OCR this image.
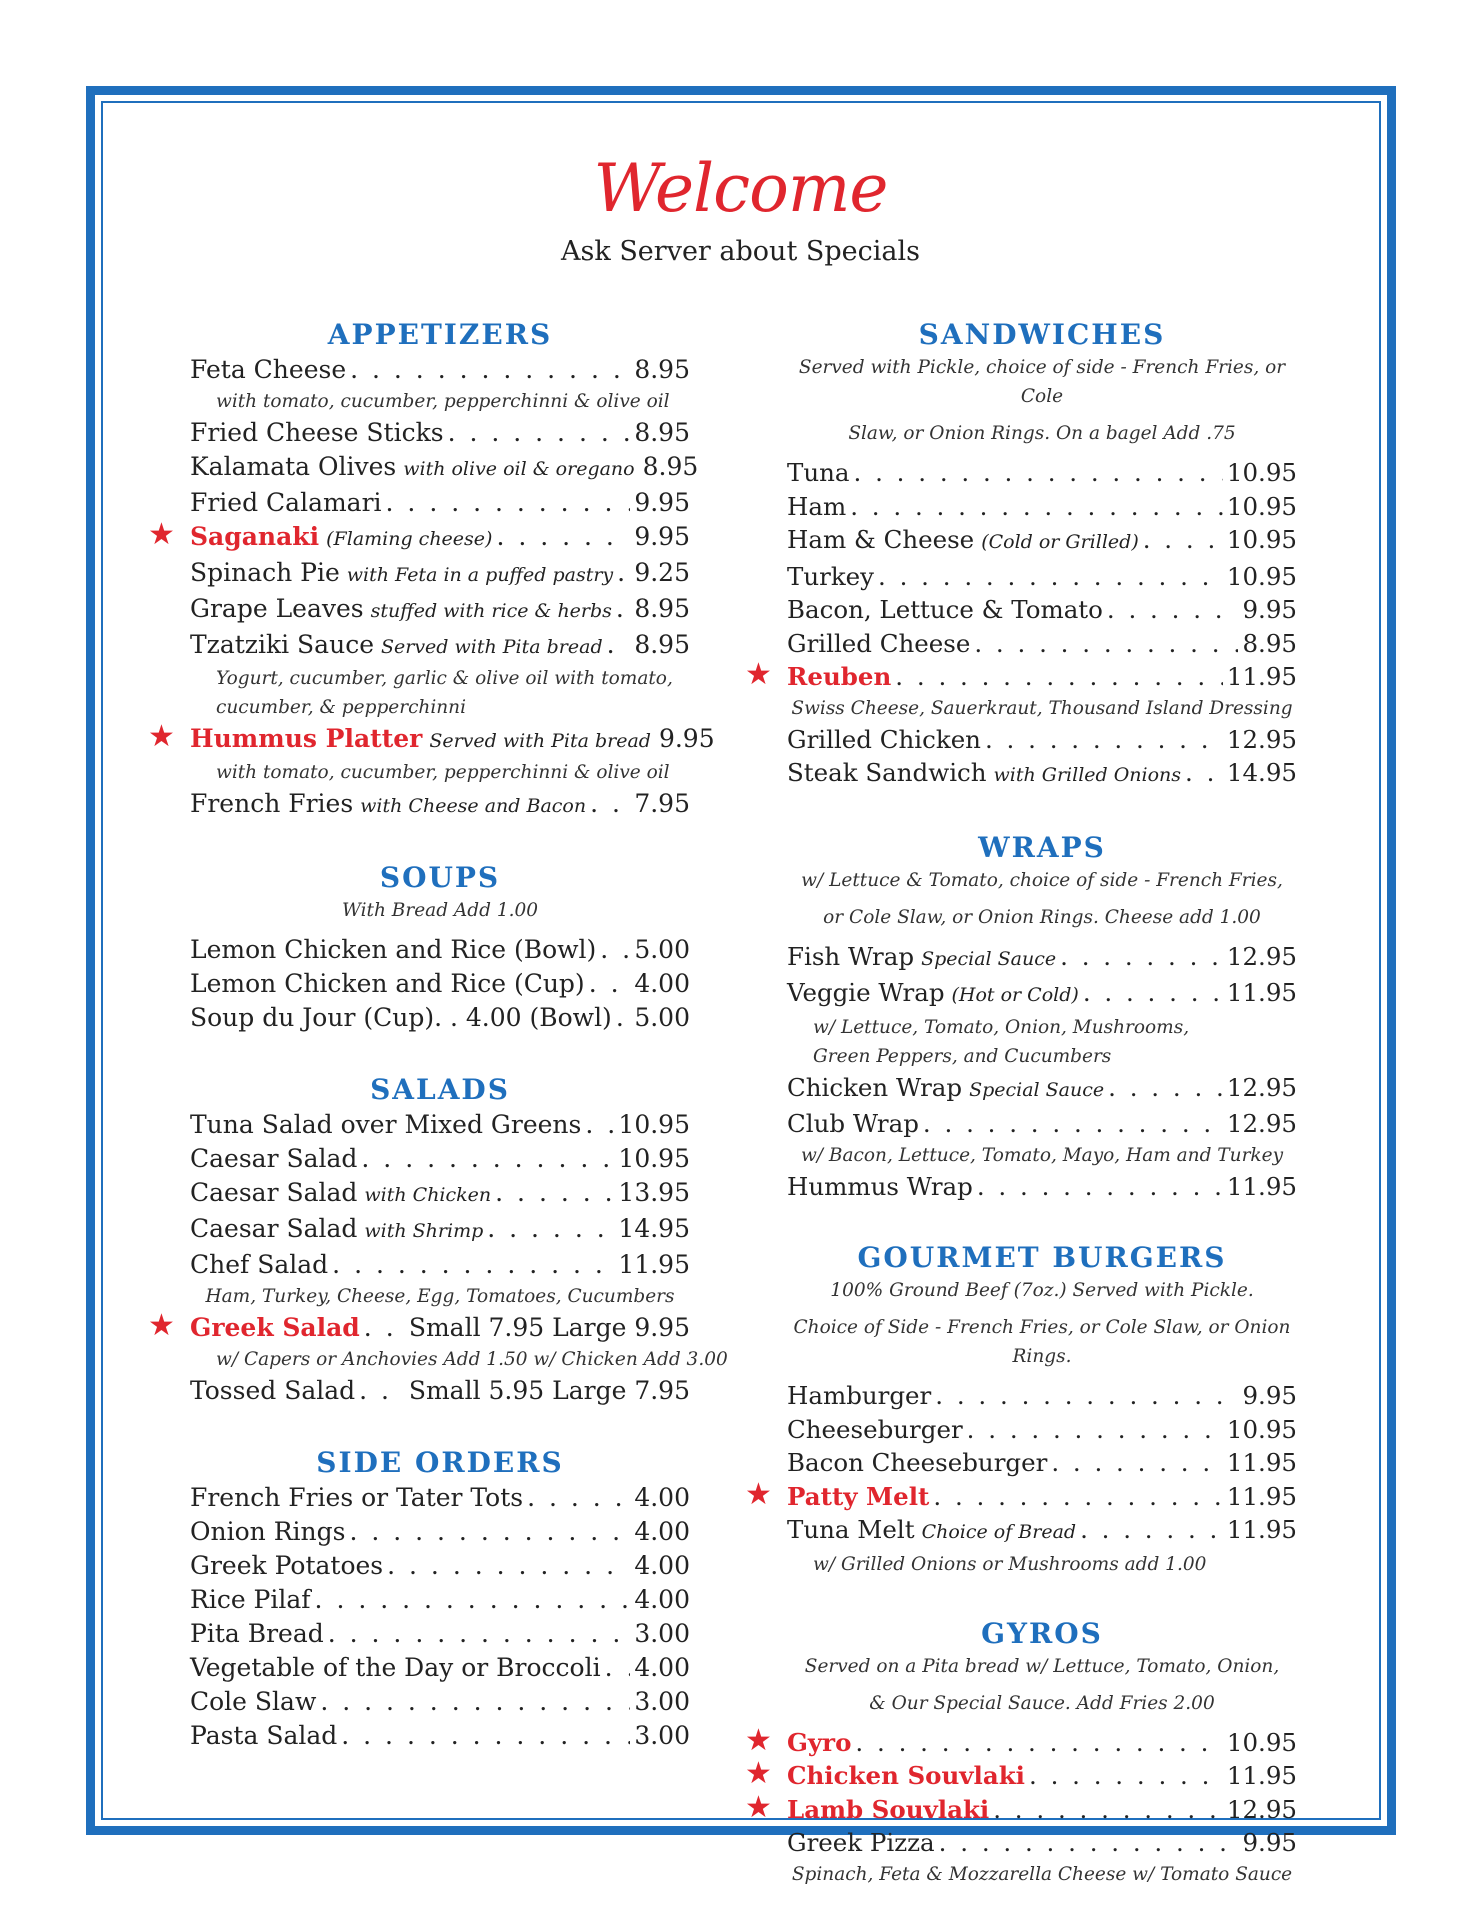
Welcome
Ask Server about Specials
APPETIZERS
Feta Cheese . . .	8.95
with tomato, cucumber, pepperchinni & olive oil
Fried Cheese Sticks . . .	8.95
Kalamata Olives with olive oil & oregano 8.95
Fried Calamari . . .	9.95
★ Saganaki (Flaming cheese) . . .	9.95
Spinach Pie with Feta in a puffed pastry . . . 9.25
Grape Leaves stuffed with rice & herbs . . . 8.95
Tzatziki Sauce Served with Pita bread . . . 8.95
Yogurt, cucumber, garlic & olive oil with tomato,
cucumber, & pepperchinni
★ Hummus Platter Served with Pita bread 9.95
with tomato, cucumber, pepperchinni & olive oil
French Fries with Cheese and Bacon . . . 7.95
SOUPS
With Bread Add 1.00
Lemon Chicken and Rice (Bowl) . . . 5.00
Lemon Chicken and Rice (Cup) . . . 4.00
Soup du Jour (Cup). . 4.00 (Bowl) . . . 5.00
SALADS
Tuna Salad over Mixed Greens . . . 10.95
Caesar Salad . . .	10.95
Caesar Salad with Chicken . . .	13.95
Caesar Salad with Shrimp . . .	14.95
Chef Salad . . .	11.95
Ham, Turkey, Cheese, Egg, Tomatoes, Cucumbers
★ Greek Salad . . . Small 7.95 Large 9.95
w/ Capers or Anchovies Add 1.50 w/ Chicken Add 3.00
Tossed Salad . . . Small 5.95 Large 7.95
SIDE ORDERS
French Fries or Tater Tots . . .	4.00
Onion Rings . . .	4.00
Greek Potatoes . . .	4.00
Rice Pilaf . . .	4.00
Pita Bread . . .	3.00
Vegetable of the Day or Broccoli . . . 4.00
Cole Slaw . . .	3.00
Pasta Salad . . .	3.00
SANDWICHES
Served with Pickle, choice of side - French Fries, or Cole
Slaw, or Onion Rings. On a bagel Add .75
Tuna . . .	10.95
Ham . . .	10.95
Ham & Cheese (Cold or Grilled) . . .	10.95
Turkey . . .	10.95
Bacon, Lettuce & Tomato . . .	9.95
Grilled Cheese . . .	8.95
★ Reuben . . .	11.95
Swiss Cheese, Sauerkraut, Thousand Island Dressing
Grilled Chicken . . .	12.95
Steak Sandwich with Grilled Onions . . . 14.95
WRAPS
w/ Lettuce & Tomato, choice of side - French Fries,
or Cole Slaw, or Onion Rings. Cheese add 1.00
Fish Wrap Special Sauce . . .	12.95
Veggie Wrap (Hot or Cold) . . .	11.95
w/ Lettuce, Tomato, Onion, Mushrooms,
Green Peppers, and Cucumbers
Chicken Wrap Special Sauce . . .	12.95
Club Wrap . . .	12.95
w/ Bacon, Lettuce, Tomato, Mayo, Ham and Turkey
Hummus Wrap . . .	11.95
GOURMET BURGERS
100% Ground Beef (7oz.) Served with Pickle.
Choice of Side - French Fries, or Cole Slaw, or Onion Rings.
Hamburger . . .	9.95
Cheeseburger . . .	10.95
Bacon Cheeseburger . . .	11.95
★ Patty Melt . . .	11.95
Tuna Melt Choice of Bread . . .	11.95
w/ Grilled Onions or Mushrooms add 1.00
GYROS
Served on a Pita bread w/ Lettuce, Tomato, Onion,
& Our Special Sauce. Add Fries 2.00
★ Gyro . . .	10.95
★ Chicken Souvlaki . . .	11.95
★ Lamb Souvlaki . . .	12.95
Greek Pizza . . .	9.95
Spinach, Feta & Mozzarella Cheese w/ Tomato Sauce
